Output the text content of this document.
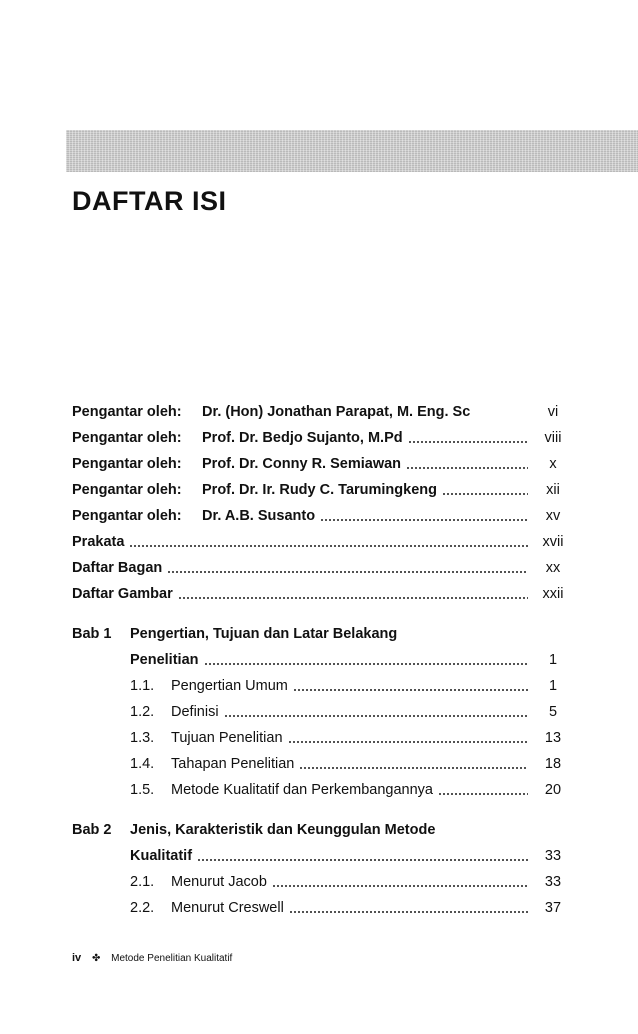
DAFTAR ISI
Pengantar oleh: Dr. (Hon) Jonathan Parapat, M. Eng. Sc	vi
Pengantar oleh: Prof. Dr. Bedjo Sujanto, M.Pd	viii
Pengantar oleh: Prof. Dr. Conny R. Semiawan	x
Pengantar oleh: Prof. Dr. Ir. Rudy C. Tarumingkeng	xii
Pengantar oleh: Dr. A.B. Susanto	xv
Prakata	xvii
Daftar Bagan	xx
Daftar Gambar	xxii
Bab 1 Pengertian, Tujuan dan Latar Belakang
Penelitian	1
1.1. Pengertian Umum	1
1.2. Definisi	5
1.3. Tujuan Penelitian	13
1.4. Tahapan Penelitian	18
1.5. Metode Kualitatif dan Perkembangannya	20
Bab 2 Jenis, Karakteristik dan Keunggulan Metode
Kualitatif	33
2.1. Menurut Jacob	33
2.2. Menurut Creswell	37
iv ✤ Metode Penelitian Kualitatif
